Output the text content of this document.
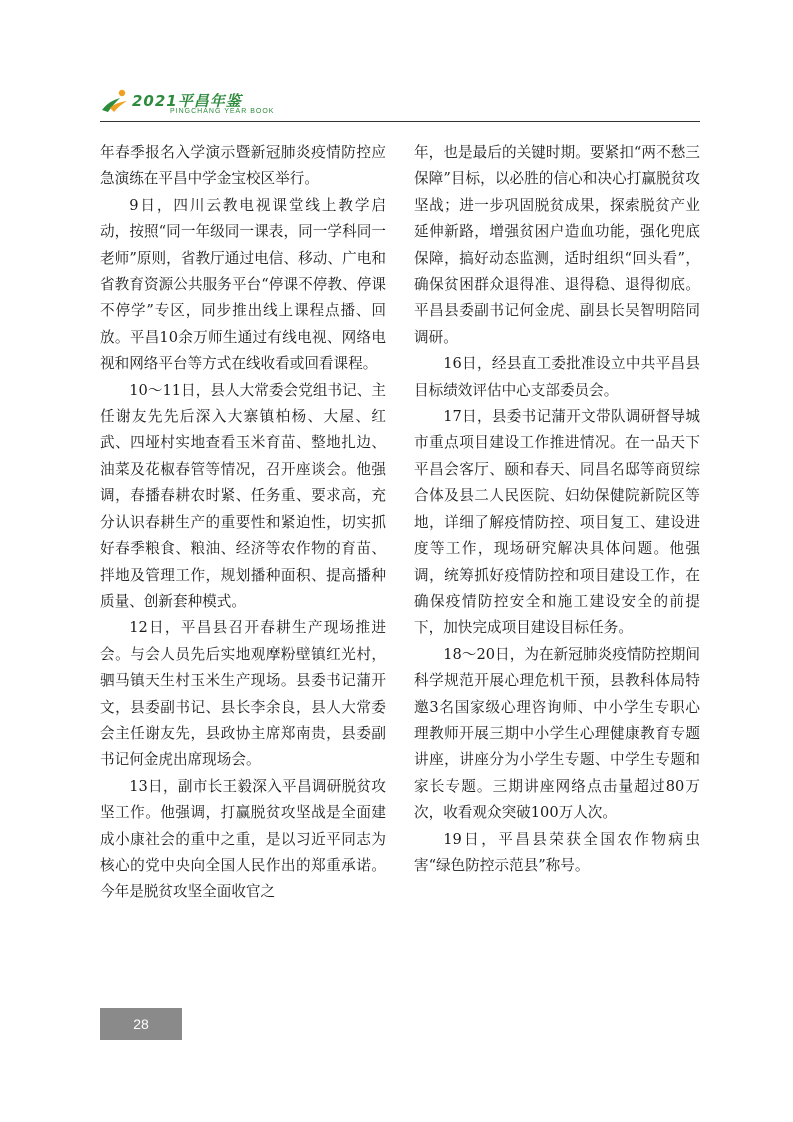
2021平昌年鉴
PINGCHANG YEAR BOOK

年春季报名入学演示暨新冠肺炎疫情防控应急演练在平昌中学金宝校区举行。

9日，四川云教电视课堂线上教学启动，按照“同一年级同一课表，同一学科同一老师”原则，省教厅通过电信、移动、广电和省教育资源公共服务平台“停课不停教、停课不停学”专区，同步推出线上课程点播、回放。平昌10余万师生通过有线电视、网络电视和网络平台等方式在线收看或回看课程。

10～11日，县人大常委会党组书记、主任谢友先先后深入大寨镇柏杨、大屋、红武、四垭村实地查看玉米育苗、整地扎边、油菜及花椒春管等情况，召开座谈会。他强调，春播春耕农时紧、任务重、要求高，充分认识春耕生产的重要性和紧迫性，切实抓好春季粮食、粮油、经济等农作物的育苗、拌地及管理工作，规划播种面积、提高播种质量、创新套种模式。

12日，平昌县召开春耕生产现场推进会。与会人员先后实地观摩粉壁镇红光村，驷马镇天生村玉米生产现场。县委书记蒲开文，县委副书记、县长李余良，县人大常委会主任谢友先，县政协主席郑南贵，县委副书记何金虎出席现场会。

13日，副市长王毅深入平昌调研脱贫攻坚工作。他强调，打赢脱贫攻坚战是全面建成小康社会的重中之重，是以习近平同志为核心的党中央向全国人民作出的郑重承诺。今年是脱贫攻坚全面收官之

年，也是最后的关键时期。要紧扣“两不愁三保障”目标，以必胜的信心和决心打赢脱贫攻坚战；进一步巩固脱贫成果，探索脱贫产业延伸新路，增强贫困户造血功能，强化兜底保障，搞好动态监测，适时组织“回头看”，确保贫困群众退得准、退得稳、退得彻底。平昌县委副书记何金虎、副县长吴智明陪同调研。

16日，经县直工委批准设立中共平昌县目标绩效评估中心支部委员会。

17日，县委书记蒲开文带队调研督导城市重点项目建设工作推进情况。在一品天下平昌会客厅、颐和春天、同昌名邸等商贸综合体及县二人民医院、妇幼保健院新院区等地，详细了解疫情防控、项目复工、建设进度等工作，现场研究解决具体问题。他强调，统筹抓好疫情防控和项目建设工作，在确保疫情防控安全和施工建设安全的前提下，加快完成项目建设目标任务。

18～20日，为在新冠肺炎疫情防控期间科学规范开展心理危机干预，县教科体局特邀3名国家级心理咨询师、中小学生专职心理教师开展三期中小学生心理健康教育专题讲座，讲座分为小学生专题、中学生专题和家长专题。三期讲座网络点击量超过80万次，收看观众突破100万人次。

19日，平昌县荣获全国农作物病虫害“绿色防控示范县”称号。

28
